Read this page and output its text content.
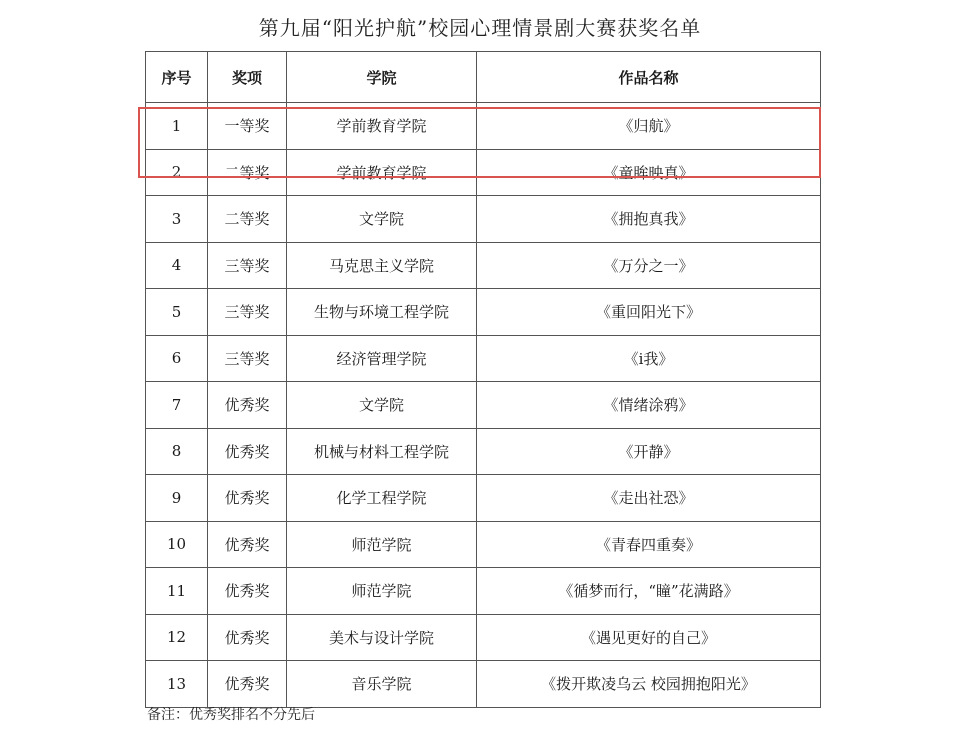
第九届“阳光护航”校园心理情景剧大赛获奖名单
序号	奖项	学院	作品名称
1	一等奖	学前教育学院	《归航》
2	二等奖	学前教育学院	《童眸映真》
3	二等奖	文学院	《拥抱真我》
4	三等奖	马克思主义学院	《万分之一》
5	三等奖	生物与环境工程学院	《重回阳光下》
6	三等奖	经济管理学院	《i我》
7	优秀奖	文学院	《情绪涂鸦》
8	优秀奖	机械与材料工程学院	《开静》
9	优秀奖	化学工程学院	《走出社恐》
10	优秀奖	师范学院	《青春四重奏》
11	优秀奖	师范学院	《循梦而行，“瞳”花满路》
12	优秀奖	美术与设计学院	《遇见更好的自己》
13	优秀奖	音乐学院	《拨开欺凌乌云 校园拥抱阳光》
备注：优秀奖排名不分先后
